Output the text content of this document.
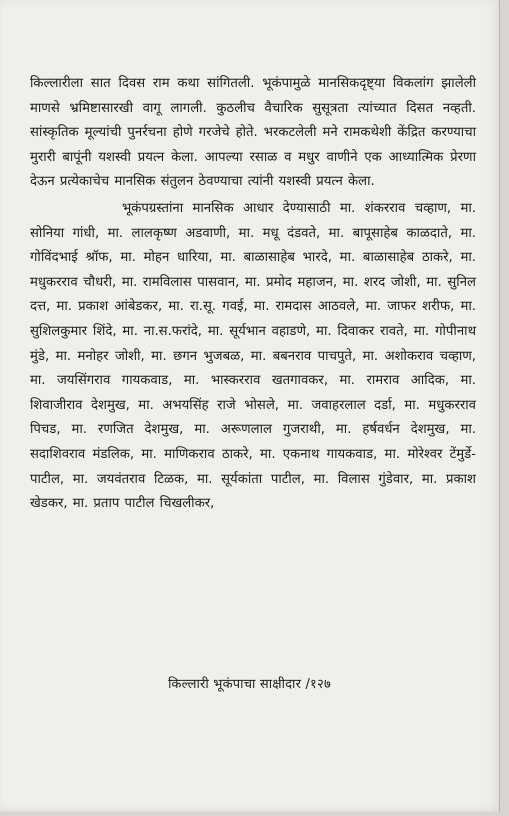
किल्लारीला सात दिवस राम कथा सांगितली. भूकंपामुळे मानसिकदृष्ट्या विकलांग झालेली माणसे भ्रमिष्टासारखी वागू लागली. कुठलीच वैचारिक सुसूत्रता त्यांच्यात दिसत नव्हती. सांस्कृतिक मूल्यांची पुनर्रचना होणे गरजेचे होते. भरकटलेली मने रामकथेशी केंद्रित करण्याचा मुरारी बापूंनी यशस्वी प्रयत्न केला. आपल्या रसाळ व मधुर वाणीने एक आध्यात्मिक प्रेरणा देऊन प्रत्येकाचेच मानसिक संतुलन ठेवण्याचा त्यांनी यशस्वी प्रयत्न केला.

भूकंपग्रस्तांना मानसिक आधार देण्यासाठी मा. शंकरराव चव्हाण, मा. सोनिया गांधी, मा. लालकृष्ण अडवाणी, मा. मधू दंडवते, मा. बापूसाहेब काळदाते, मा. गोविंदभाई श्रॉफ, मा. मोहन धारिया, मा. बाळासाहेब भारदे, मा. बाळासाहेब ठाकरे, मा. मधुकरराव चौधरी, मा. रामविलास पासवान, मा. प्रमोद महाजन, मा. शरद जोशी, मा. सुनिल दत्त, मा. प्रकाश आंबेडकर, मा. रा.सू. गवई, मा. रामदास आठवले, मा. जाफर शरीफ, मा. सुशिलकुमार शिंदे, मा. ना.स.फरांदे, मा. सूर्यभान वहाडणे, मा. दिवाकर रावते, मा. गोपीनाथ मुंडे, मा. मनोहर जोशी, मा. छगन भुजबळ, मा. बबनराव पाचपुते, मा. अशोकराव चव्हाण, मा. जयसिंगराव गायकवाड, मा. भास्करराव खतगावकर, मा. रामराव आदिक, मा. शिवाजीराव देशमुख, मा. अभयसिंह राजे भोसले, मा. जवाहरलाल दर्डा, मा. मधुकरराव पिचड, मा. रणजित देशमुख, मा. अरूणलाल गुजराथी, मा. हर्षवर्धन देशमुख, मा. सदाशिवराव मंडलिक, मा. माणिकराव ठाकरे, मा. एकनाथ गायकवाड, मा. मोरेश्वर टेंमुर्डे-पाटील, मा. जयवंतराव टिळक, मा. सूर्यकांता पाटील, मा. विलास गुंडेवार, मा. प्रकाश खेडकर, मा. प्रताप पाटील चिखलीकर,

किल्लारी भूकंपाचा साक्षीदार /१२७
